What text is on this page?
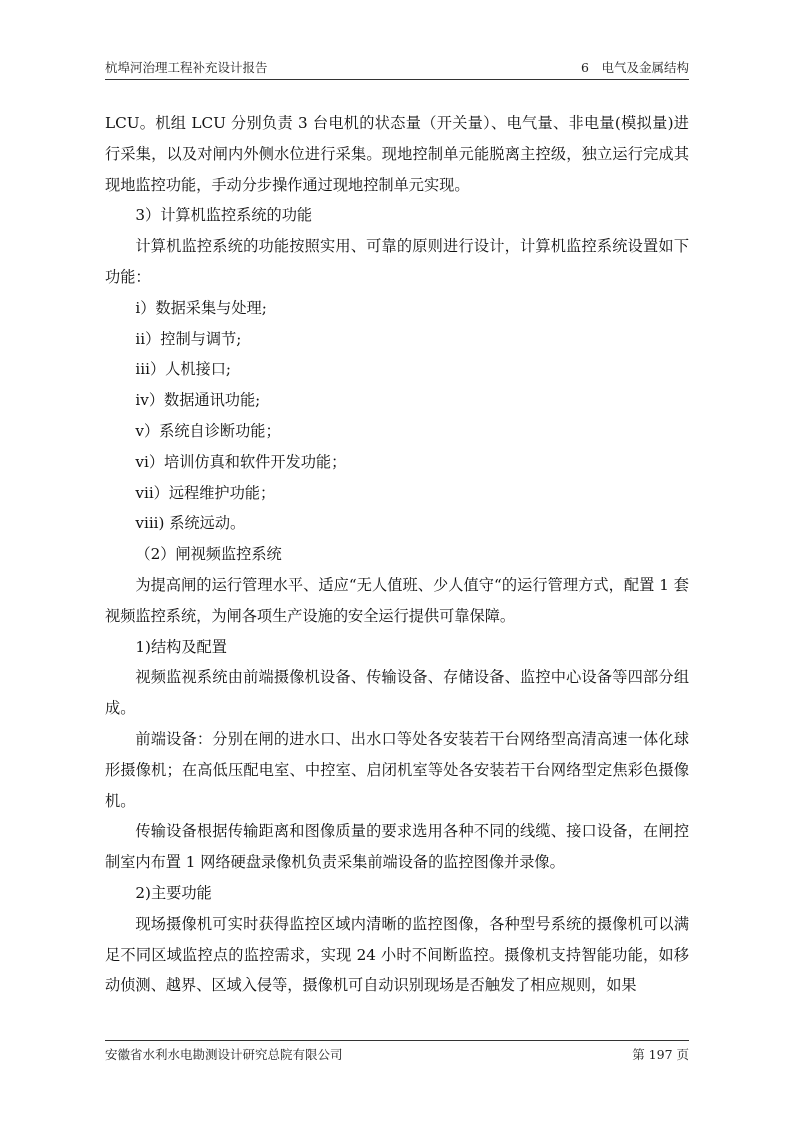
杭埠河治理工程补充设计报告	6　电气及金属结构

LCU。机组 LCU 分别负责 3 台电机的状态量（开关量）、电气量、非电量(模拟量)进行采集，以及对闸内外侧水位进行采集。现地控制单元能脱离主控级，独立运行完成其现地监控功能，手动分步操作通过现地控制单元实现。

3）计算机监控系统的功能

计算机监控系统的功能按照实用、可靠的原则进行设计，计算机监控系统设置如下功能：

i）数据采集与处理;

ii）控制与调节;

iii）人机接口;

iv）数据通讯功能;

v）系统自诊断功能；

vi）培训仿真和软件开发功能；

vii）远程维护功能；

viii) 系统远动。

（2）闸视频监控系统

为提高闸的运行管理水平、适应“无人值班、少人值守“的运行管理方式，配置 1 套视频监控系统，为闸各项生产设施的安全运行提供可靠保障。

1)结构及配置

视频监视系统由前端摄像机设备、传输设备、存储设备、监控中心设备等四部分组成。

前端设备：分别在闸的进水口、出水口等处各安装若干台网络型高清高速一体化球形摄像机；在高低压配电室、中控室、启闭机室等处各安装若干台网络型定焦彩色摄像机。

传输设备根据传输距离和图像质量的要求选用各种不同的线缆、接口设备，在闸控制室内布置 1 网络硬盘录像机负责采集前端设备的监控图像并录像。

2)主要功能

现场摄像机可实时获得监控区域内清晰的监控图像，各种型号系统的摄像机可以满足不同区域监控点的监控需求，实现 24 小时不间断监控。摄像机支持智能功能，如移动侦测、越界、区域入侵等，摄像机可自动识别现场是否触发了相应规则，如果

安徽省水利水电勘测设计研究总院有限公司	第 197 页
